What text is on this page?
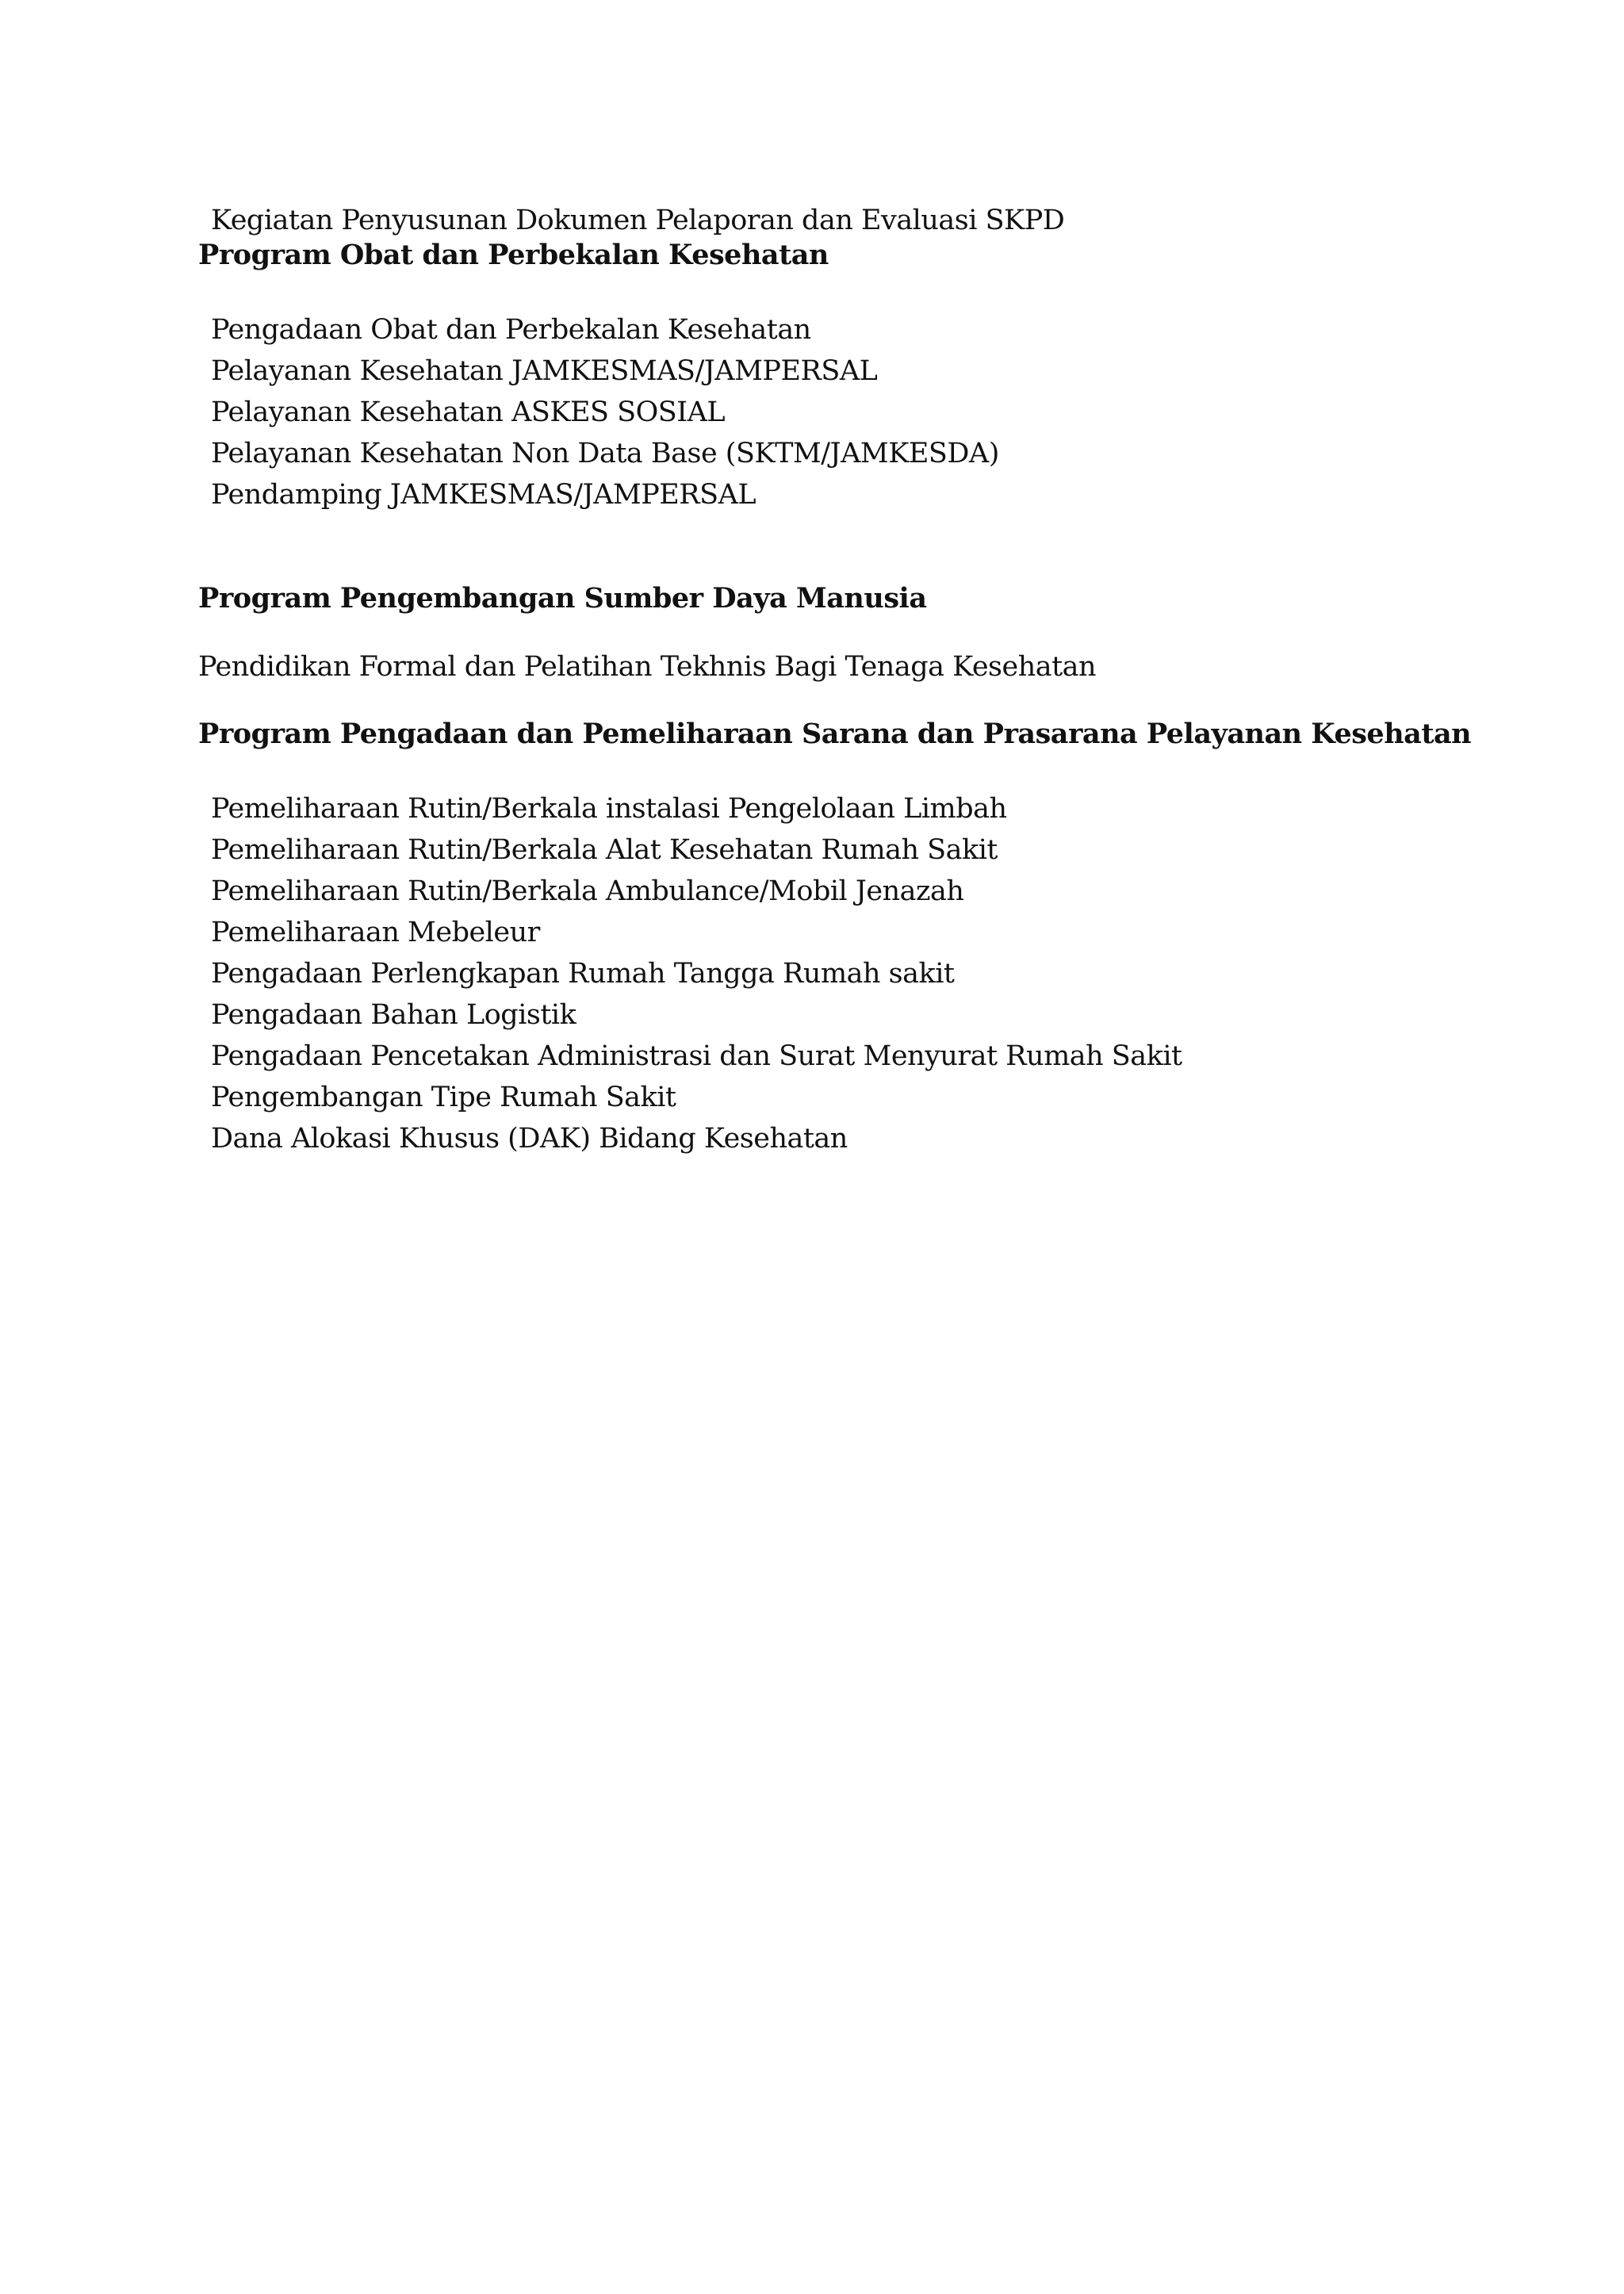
Kegiatan Penyusunan Dokumen Pelaporan dan Evaluasi SKPD
Program Obat dan Perbekalan Kesehatan
Pengadaan Obat dan Perbekalan Kesehatan
Pelayanan Kesehatan JAMKESMAS/JAMPERSAL
Pelayanan Kesehatan ASKES SOSIAL
Pelayanan Kesehatan Non Data Base (SKTM/JAMKESDA)
Pendamping JAMKESMAS/JAMPERSAL
Program Pengembangan Sumber Daya Manusia
Pendidikan Formal dan Pelatihan Tekhnis Bagi Tenaga Kesehatan
Program Pengadaan dan Pemeliharaan Sarana dan Prasarana Pelayanan Kesehatan
Pemeliharaan Rutin/Berkala instalasi Pengelolaan Limbah
Pemeliharaan Rutin/Berkala Alat Kesehatan Rumah Sakit
Pemeliharaan Rutin/Berkala Ambulance/Mobil Jenazah
Pemeliharaan Mebeleur
Pengadaan Perlengkapan Rumah Tangga Rumah sakit
Pengadaan Bahan Logistik
Pengadaan Pencetakan Administrasi dan Surat Menyurat Rumah Sakit
Pengembangan Tipe Rumah Sakit
Dana Alokasi Khusus (DAK) Bidang Kesehatan
